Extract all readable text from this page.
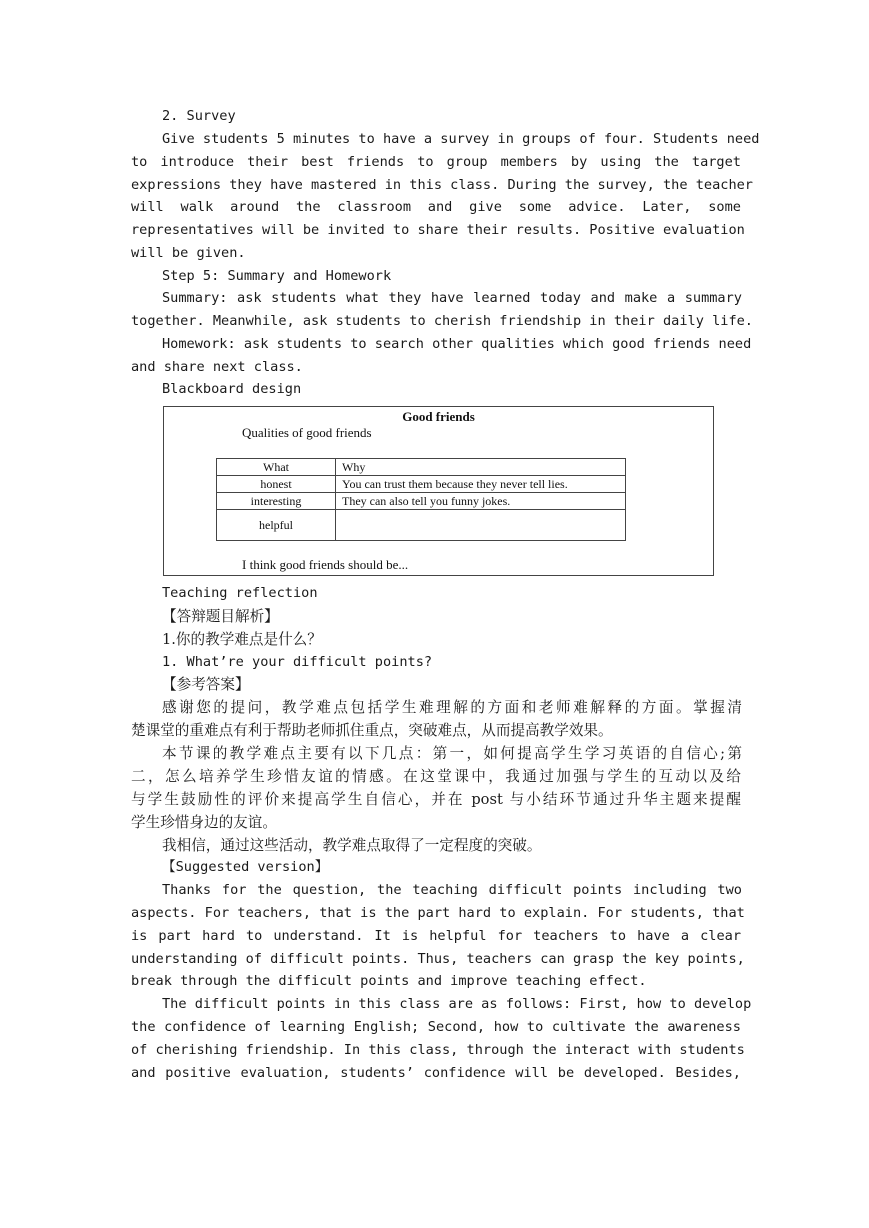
2. Survey
Give students 5 minutes to have a survey in groups of four. Students need
to introduce their best friends to group members by using the target
expressions they have mastered in this class. During the survey, the teacher
will walk around the classroom and give some advice. Later, some
representatives will be invited to share their results. Positive evaluation
will be given.
Step 5: Summary and Homework
Summary: ask students what they have learned today and make a summary
together. Meanwhile, ask students to cherish friendship in their daily life.
Homework: ask students to search other qualities which good friends need
and share next class.
Blackboard design
Good friends
Qualities of good friends
What	Why
honest	You can trust them because they never tell lies.
interesting	They can also tell you funny jokes.
helpful	
I think good friends should be...
Teaching reflection
【答辩题目解析】
1.你的教学难点是什么？
1. What’re your difficult points?
【参考答案】
感谢您的提问，教学难点包括学生难理解的方面和老师难解释的方面。掌握清
楚课堂的重难点有利于帮助老师抓住重点，突破难点，从而提高教学效果。
本节课的教学难点主要有以下几点：第一，如何提高学生学习英语的自信心;第
二，怎么培养学生珍惜友谊的情感。在这堂课中，我通过加强与学生的互动以及给
与学生鼓励性的评价来提高学生自信心，并在 post 与小结环节通过升华主题来提醒
学生珍惜身边的友谊。
我相信，通过这些活动，教学难点取得了一定程度的突破。
【Suggested version】
Thanks for the question, the teaching difficult points including two
aspects. For teachers, that is the part hard to explain. For students, that
is part hard to understand. It is helpful for teachers to have a clear
understanding of difficult points. Thus, teachers can grasp the key points,
break through the difficult points and improve teaching effect.
The difficult points in this class are as follows: First, how to develop
the confidence of learning English; Second, how to cultivate the awareness
of cherishing friendship. In this class, through the interact with students
and positive evaluation, students’ confidence will be developed. Besides,
